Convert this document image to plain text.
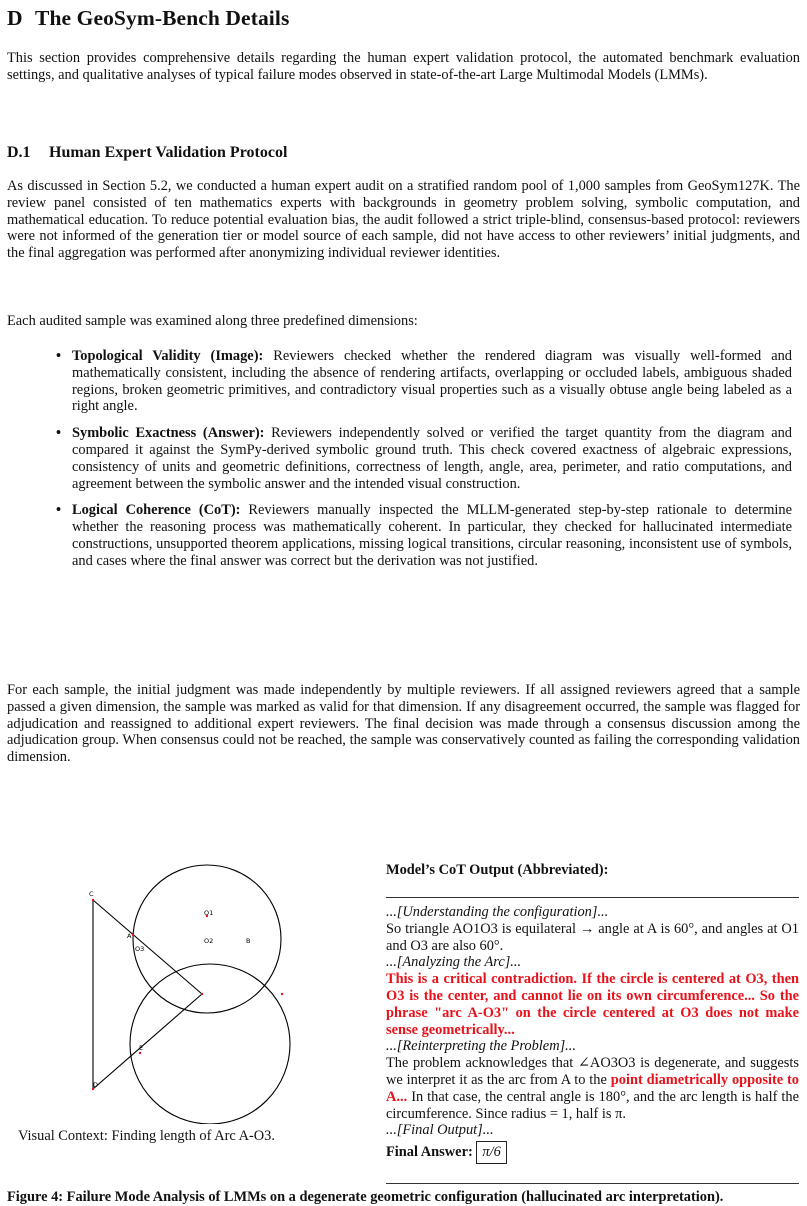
D The GeoSym-Bench Details

This section provides comprehensive details regarding the human expert validation protocol, the automated benchmark evaluation settings, and qualitative analyses of typical failure modes observed in state-of-the-art Large Multimodal Models (LMMs).

D.1 Human Expert Validation Protocol

As discussed in Section 5.2, we conducted a human expert audit on a stratified random pool of 1,000 samples from GeoSym127K. The review panel consisted of ten mathematics experts with backgrounds in geometry problem solving, symbolic computation, and mathematical education. To reduce potential evaluation bias, the audit followed a strict triple-blind, consensus-based protocol: reviewers were not informed of the generation tier or model source of each sample, did not have access to other reviewers’ initial judgments, and the final aggregation was performed after anonymizing individual reviewer identities.

Each audited sample was examined along three predefined dimensions:

• Topological Validity (Image): Reviewers checked whether the rendered diagram was visually well-formed and mathematically consistent, including the absence of rendering artifacts, overlapping or occluded labels, ambiguous shaded regions, broken geometric primitives, and contradictory visual properties such as a visually obtuse angle being labeled as a right angle.
• Symbolic Exactness (Answer): Reviewers independently solved or verified the target quantity from the diagram and compared it against the SymPy-derived symbolic ground truth. This check covered exactness of algebraic expressions, consistency of units and geometric definitions, correctness of length, angle, area, perimeter, and ratio computations, and agreement between the symbolic answer and the intended visual construction.
• Logical Coherence (CoT): Reviewers manually inspected the MLLM-generated step-by-step rationale to determine whether the reasoning process was mathematically coherent. In particular, they checked for hallucinated intermediate constructions, unsupported theorem applications, missing logical transitions, circular reasoning, inconsistent use of symbols, and cases where the final answer was correct but the derivation was not justified.

For each sample, the initial judgment was made independently by multiple reviewers. If all assigned reviewers agreed that a sample passed a given dimension, the sample was marked as valid for that dimension. If any disagreement occurred, the sample was flagged for adjudication and reassigned to additional expert reviewers. The final decision was made through a consensus discussion among the adjudication group. When consensus could not be reached, the sample was conservatively counted as failing the corresponding validation dimension.

C
O1
A
B
O3
O2
E
D

Visual Context: Finding length of Arc A-O3.

Model’s CoT Output (Abbreviated):

...[Understanding the configuration]...

So triangle AO1O3 is equilateral → angle at A is 60°, and angles at O1 and O3 are also 60°.

...[Analyzing the Arc]...

This is a critical contradiction. If the circle is centered at O3, then O3 is the center, and cannot lie on its own circumference... So the phrase "arc A-O3" on the circle centered at O3 does not make sense geometrically...

...[Reinterpreting the Problem]...

The problem acknowledges that ∠AO3O3 is degenerate, and suggests we interpret it as the arc from A to the point diametrically opposite to A... In that case, the central angle is 180°, and the arc length is half the circumference. Since radius = 1, half is π.

...[Final Output]...

Final Answer: π/6

Figure 4: Failure Mode Analysis of LMMs on a degenerate geometric configuration (hallucinated arc interpretation).
